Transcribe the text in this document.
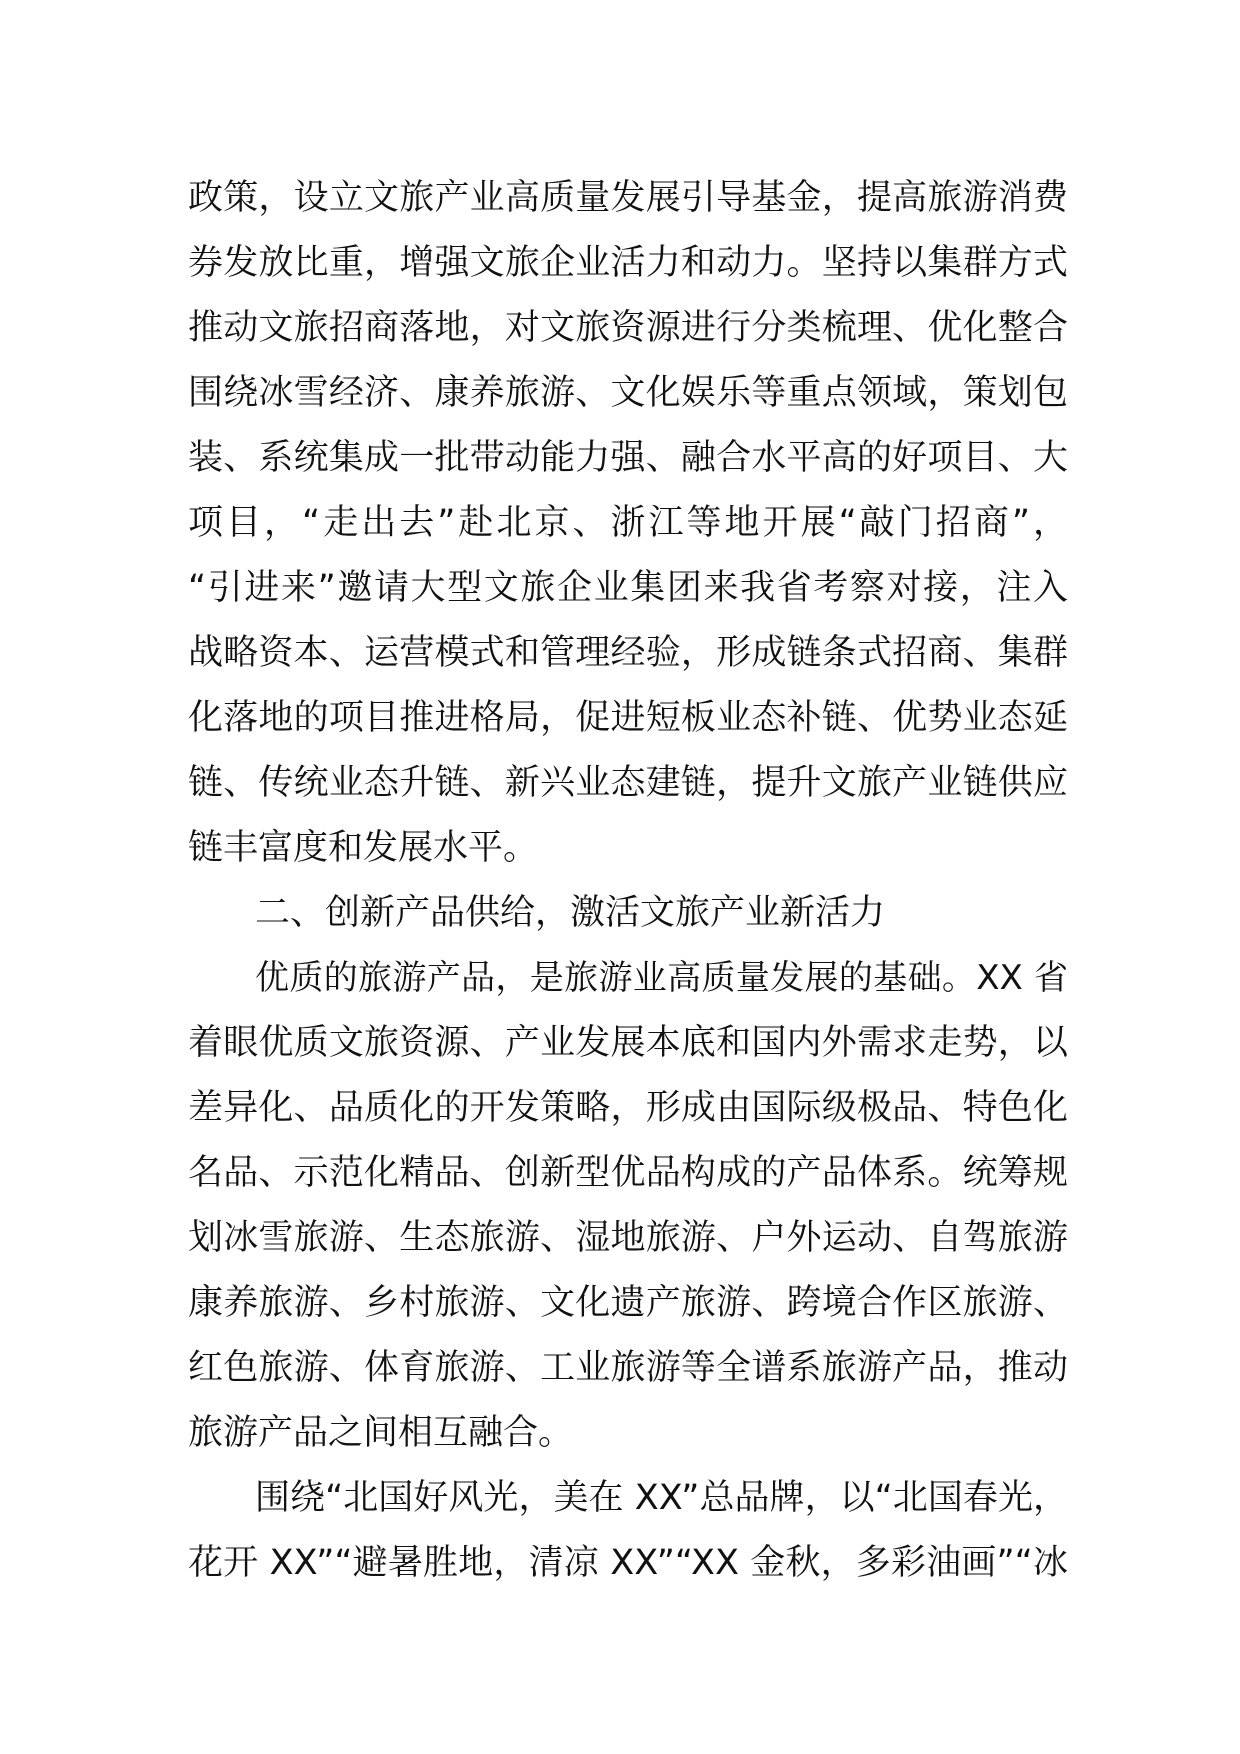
政策，设立文旅产业高质量发展引导基金，提高旅游消费
券发放比重，增强文旅企业活力和动力。坚持以集群方式
推动文旅招商落地，对文旅资源进行分类梳理、优化整合
围绕冰雪经济、康养旅游、文化娱乐等重点领域，策划包
装、系统集成一批带动能力强、融合水平高的好项目、大
项目，“走出去”赴北京、浙江等地开展“敲门招商”，
“引进来”邀请大型文旅企业集团来我省考察对接，注入
战略资本、运营模式和管理经验，形成链条式招商、集群
化落地的项目推进格局，促进短板业态补链、优势业态延
链、传统业态升链、新兴业态建链，提升文旅产业链供应
链丰富度和发展水平。
二、创新产品供给，激活文旅产业新活力
优质的旅游产品，是旅游业高质量发展的基础。XX 省
着眼优质文旅资源、产业发展本底和国内外需求走势，以
差异化、品质化的开发策略，形成由国际级极品、特色化
名品、示范化精品、创新型优品构成的产品体系。统筹规
划冰雪旅游、生态旅游、湿地旅游、户外运动、自驾旅游
康养旅游、乡村旅游、文化遗产旅游、跨境合作区旅游、
红色旅游、体育旅游、工业旅游等全谱系旅游产品，推动
旅游产品之间相互融合。
围绕“北国好风光，美在 XX”总品牌，以“北国春光，
花开 XX”“避暑胜地，清凉 XX”“XX 金秋，多彩油画”“冰
